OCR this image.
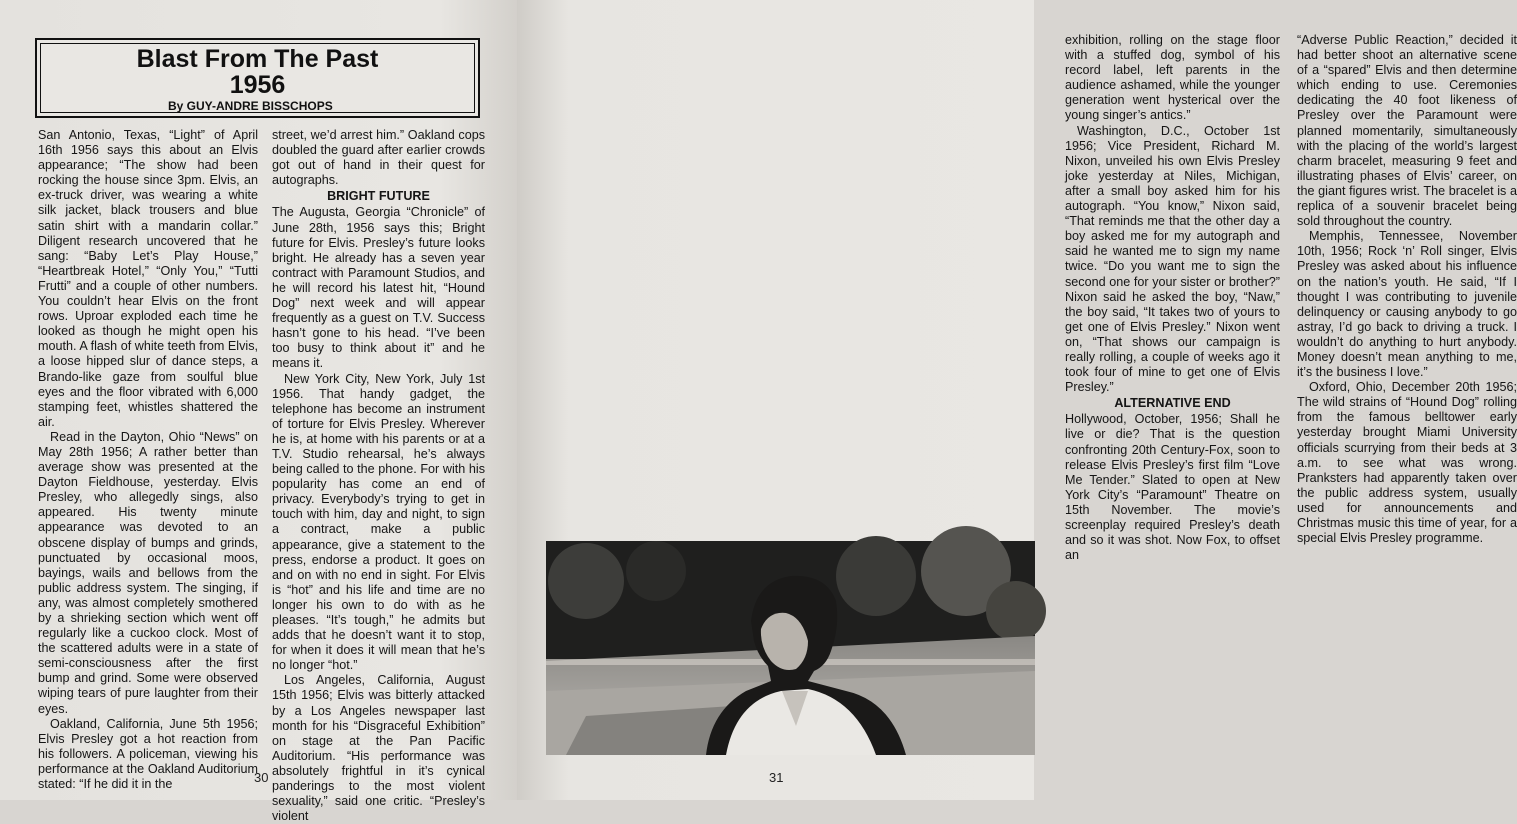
Blast From The Past
1956
By GUY-ANDRE BISSCHOPS

San Antonio, Texas, “Light” of April 16th 1956 says this about an Elvis appearance; “The show had been rocking the house since 3pm. Elvis, an ex-truck driver, was wearing a white silk jacket, black trousers and blue satin shirt with a mandarin collar.” Diligent research uncovered that he sang: “Baby Let’s Play House,” “Heartbreak Hotel,” “Only You,” “Tutti Frutti” and a couple of other numbers. You couldn’t hear Elvis on the front rows. Uproar exploded each time he looked as though he might open his mouth. A flash of white teeth from Elvis, a loose hipped slur of dance steps, a Brando-like gaze from soulful blue eyes and the floor vibrated with 6,000 stamping feet, whistles shattered the air.

Read in the Dayton, Ohio “News” on May 28th 1956; A rather better than average show was presented at the Dayton Fieldhouse, yesterday. Elvis Presley, who allegedly sings, also appeared. His twenty minute appearance was devoted to an obscene display of bumps and grinds, punctuated by occasional moos, bayings, wails and bellows from the public address system. The singing, if any, was almost completely smothered by a shrieking section which went off regularly like a cuckoo clock. Most of the scattered adults were in a state of semi-consciousness after the first bump and grind. Some were observed wiping tears of pure laughter from their eyes.

Oakland, California, June 5th 1956; Elvis Presley got a hot reaction from his followers. A policeman, viewing his performance at the Oakland Auditorium stated: “If he did it in the

street, we’d arrest him.” Oakland cops doubled the guard after earlier crowds got out of hand in their quest for autographs.

BRIGHT FUTURE

The Augusta, Georgia “Chronicle” of June 28th, 1956 says this; Bright future for Elvis. Presley’s future looks bright. He already has a seven year contract with Paramount Studios, and he will record his latest hit, “Hound Dog” next week and will appear frequently as a guest on T.V. Success hasn’t gone to his head. “I’ve been too busy to think about it” and he means it.

New York City, New York, July 1st 1956. That handy gadget, the telephone has become an instrument of torture for Elvis Presley. Wherever he is, at home with his parents or at a T.V. Studio rehearsal, he’s always being called to the phone. For with his popularity has come an end of privacy. Everybody’s trying to get in touch with him, day and night, to sign a contract, make a public appearance, give a statement to the press, endorse a product. It goes on and on with no end in sight. For Elvis is “hot” and his life and time are no longer his own to do with as he pleases. “It’s tough,” he admits but adds that he doesn’t want it to stop, for when it does it will mean that he’s no longer “hot.”

Los Angeles, California, August 15th 1956; Elvis was bitterly attacked by a Los Angeles newspaper last month for his “Disgraceful Exhibition” on stage at the Pan Pacific Auditorium. “His performance was absolutely frightful in it’s cynical panderings to the most violent sexuality,” said one critic. “Presley’s violent

30

exhibition, rolling on the stage floor with a stuffed dog, symbol of his record label, left parents in the audience ashamed, while the younger generation went hysterical over the young singer’s antics.”

Washington, D.C., October 1st 1956; Vice President, Richard M. Nixon, unveiled his own Elvis Presley joke yesterday at Niles, Michigan, after a small boy asked him for his autograph. “You know,” Nixon said, “That reminds me that the other day a boy asked me for my autograph and said he wanted me to sign my name twice. “Do you want me to sign the second one for your sister or brother?” Nixon said he asked the boy, “Naw,” the boy said, “It takes two of yours to get one of Elvis Presley.” Nixon went on, “That shows our campaign is really rolling, a couple of weeks ago it took four of mine to get one of Elvis Presley.”

ALTERNATIVE END

Hollywood, October, 1956; Shall he live or die? That is the question confronting 20th Century-Fox, soon to release Elvis Presley’s first film “Love Me Tender.” Slated to open at New York City’s “Paramount” Theatre on 15th November. The movie’s screenplay required Presley’s death and so it was shot. Now Fox, to offset an

“Adverse Public Reaction,” decided it had better shoot an alternative scene of a “spared” Elvis and then determine which ending to use. Ceremonies dedicating the 40 foot likeness of Presley over the Paramount were planned momentarily, simultaneously with the placing of the world’s largest charm bracelet, measuring 9 feet and illustrating phases of Elvis’ career, on the giant figures wrist. The bracelet is a replica of a souvenir bracelet being sold throughout the country.

Memphis, Tennessee, November 10th, 1956; Rock ‘n’ Roll singer, Elvis Presley was asked about his influence on the nation’s youth. He said, “If I thought I was contributing to juvenile delinquency or causing anybody to go astray, I’d go back to driving a truck. I wouldn’t do anything to hurt anybody. Money doesn’t mean anything to me, it’s the business I love.”

Oxford, Ohio, December 20th 1956; The wild strains of “Hound Dog” rolling from the famous belltower early yesterday brought Miami University officials scurrying from their beds at 3 a.m. to see what was wrong. Pranksters had apparently taken over the public address system, usually used for announcements and Christmas music this time of year, for a special Elvis Presley programme.

31
